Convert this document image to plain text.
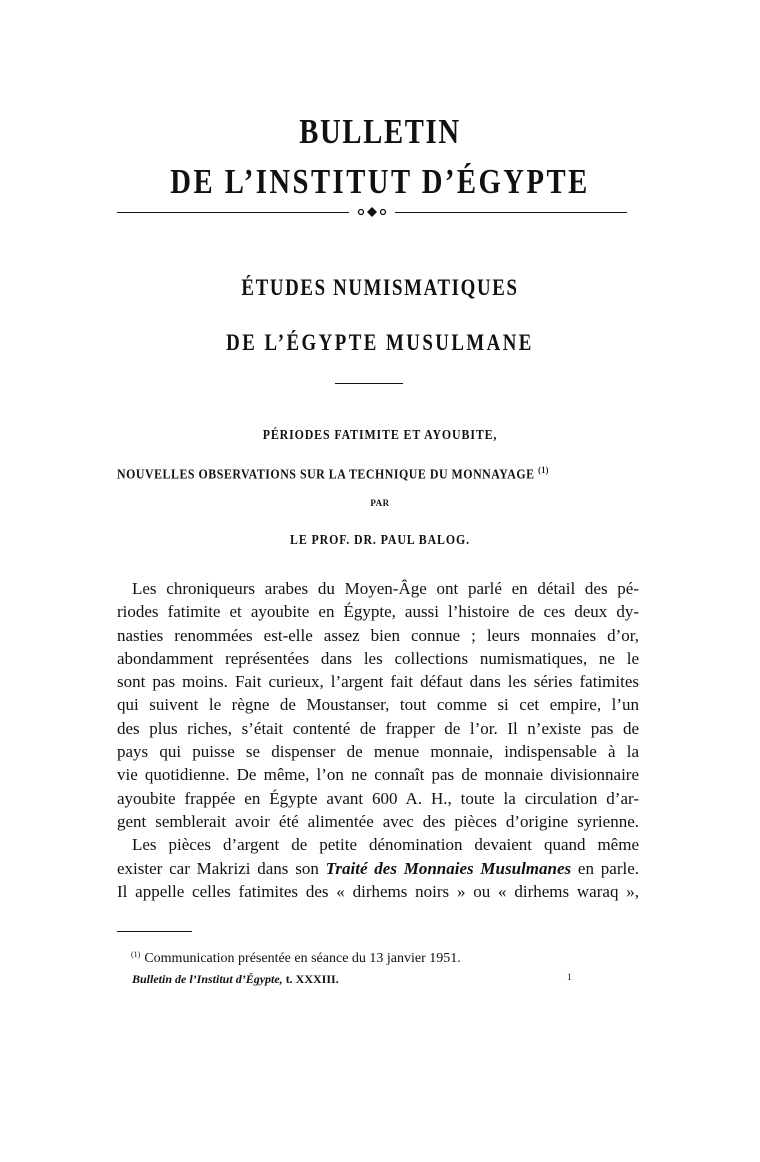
BULLETIN
DE L’INSTITUT D’ÉGYPTE
ÉTUDES NUMISMATIQUES
DE L’ÉGYPTE MUSULMANE
PÉRIODES FATIMITE ET AYOUBITE,
NOUVELLES OBSERVATIONS SUR LA TECHNIQUE DU MONNAYAGE $^{(1)}$
PAR
LE PROF. DR. PAUL BALOG.

Les chroniqueurs arabes du Moyen-Âge ont parlé en détail des pé-

riodes fatimite et ayoubite en Égypte, aussi l’histoire de ces deux dy-

nasties renommées est-elle assez bien connue ; leurs monnaies d’or,

abondamment représentées dans les collections numismatiques, ne le

sont pas moins. Fait curieux, l’argent fait défaut dans les séries fatimites

qui suivent le règne de Moustanser, tout comme si cet empire, l’un

des plus riches, s’était contenté de frapper de l’or. Il n’existe pas de

pays qui puisse se dispenser de menue monnaie, indispensable à la

vie quotidienne. De même, l’on ne connaît pas de monnaie divisionnaire

ayoubite frappée en Égypte avant 600 A. H., toute la circulation d’ar-

gent semblerait avoir été alimentée avec des pièces d’origine syrienne.

Les pièces d’argent de petite dénomination devaient quand même

exister car Makrizi dans son Traité des Monnaies Musulmanes en parle.

Il appelle celles fatimites des « dirhems noirs » ou « dirhems waraq »,

$^{(1)}$ Communication présentée en séance du 13 janvier 1951.
Bulletin de l’Institut d’Égypte, t. XXXIII.	1
